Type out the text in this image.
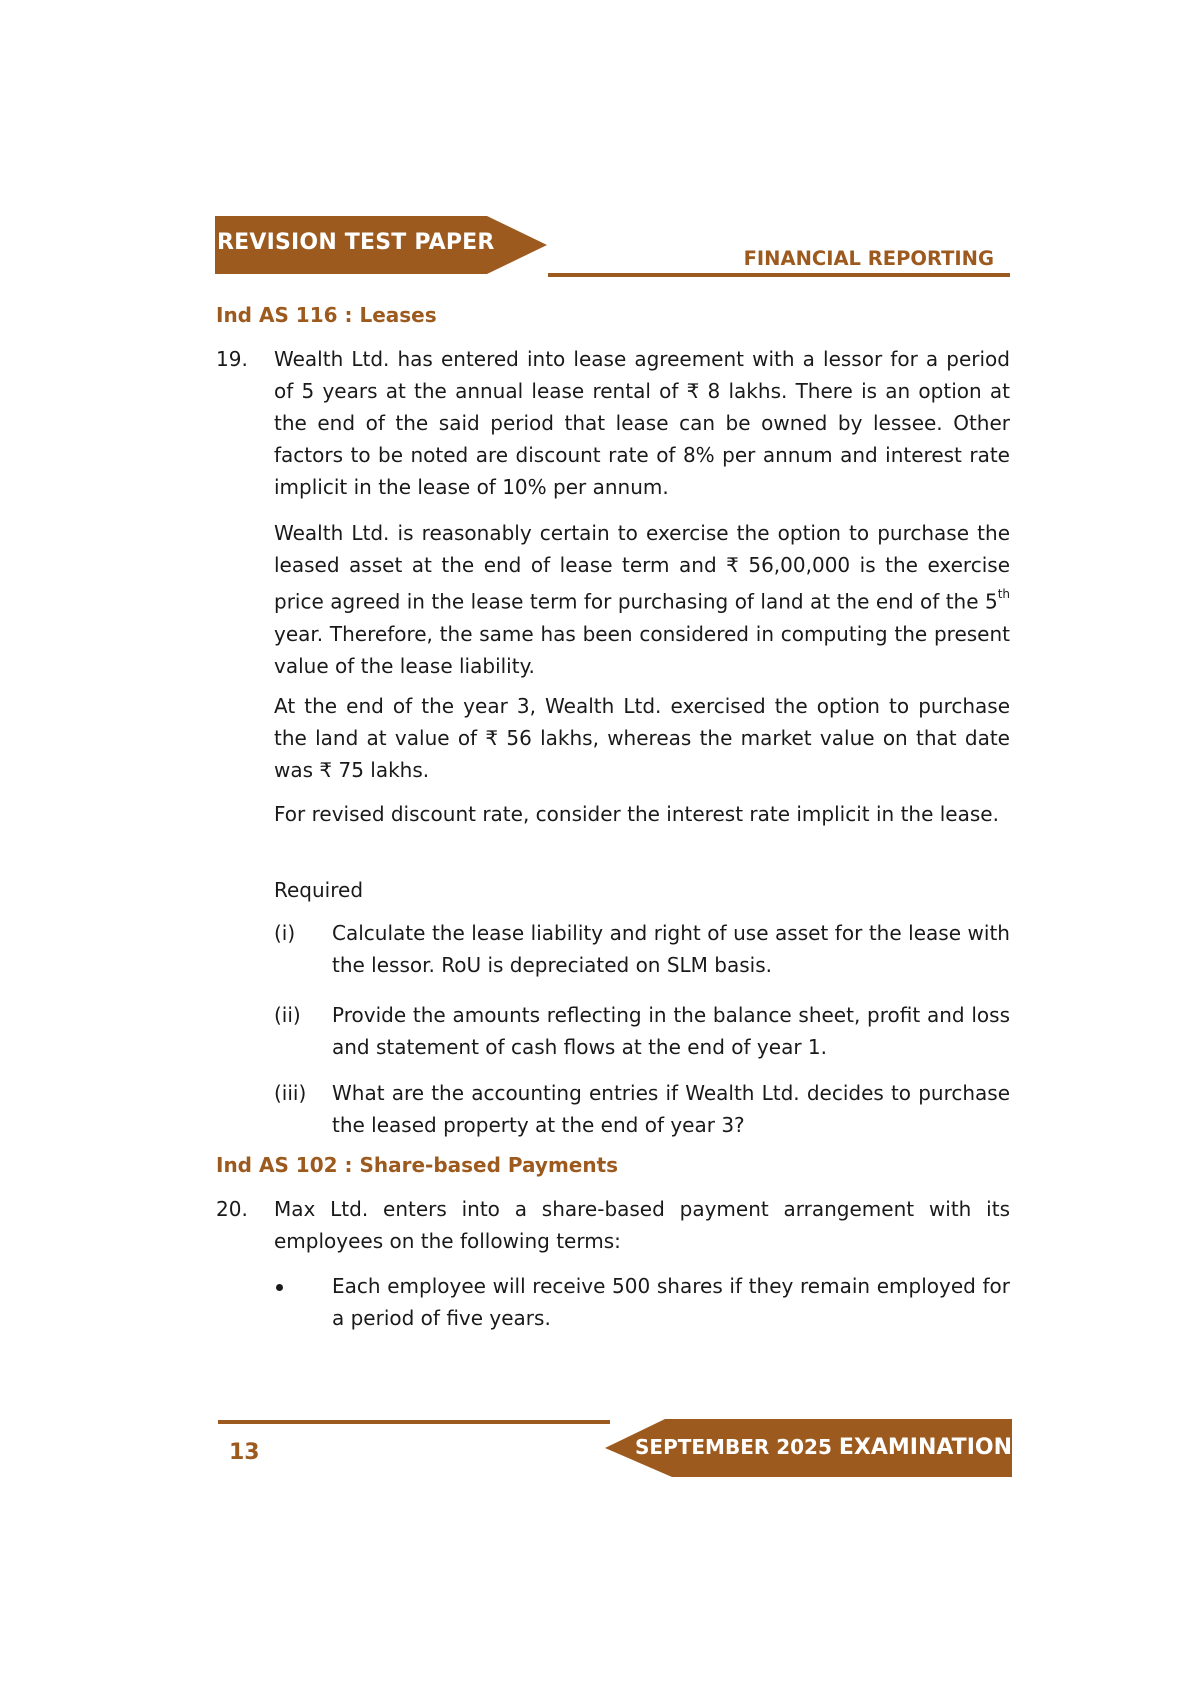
REVISION TEST PAPER
FINANCIAL REPORTING
Ind AS 116 : Leases
19. Wealth Ltd. has entered into lease agreement with a lessor for a period of 5 years at the annual lease rental of ₹ 8 lakhs. There is an option at the end of the said period that lease can be owned by lessee. Other factors to be noted are discount rate of 8% per annum and interest rate implicit in the lease of 10% per annum.
Wealth Ltd. is reasonably certain to exercise the option to purchase the leased asset at the end of lease term and ₹ 56,00,000 is the exercise price agreed in the lease term for purchasing of land at the end of the 5th year. Therefore, the same has been considered in computing the present value of the lease liability.
At the end of the year 3, Wealth Ltd. exercised the option to purchase the land at value of ₹ 56 lakhs, whereas the market value on that date was ₹ 75 lakhs.
For revised discount rate, consider the interest rate implicit in the lease.
Required
(i) Calculate the lease liability and right of use asset for the lease with the lessor. RoU is depreciated on SLM basis.
(ii) Provide the amounts reflecting in the balance sheet, profit and loss and statement of cash flows at the end of year 1.
(iii) What are the accounting entries if Wealth Ltd. decides to purchase the leased property at the end of year 3?
Ind AS 102 : Share-based Payments
20. Max Ltd. enters into a share-based payment arrangement with its employees on the following terms:
Each employee will receive 500 shares if they remain employed for a period of five years.
SEPTEMBER 2025 EXAMINATION
13
